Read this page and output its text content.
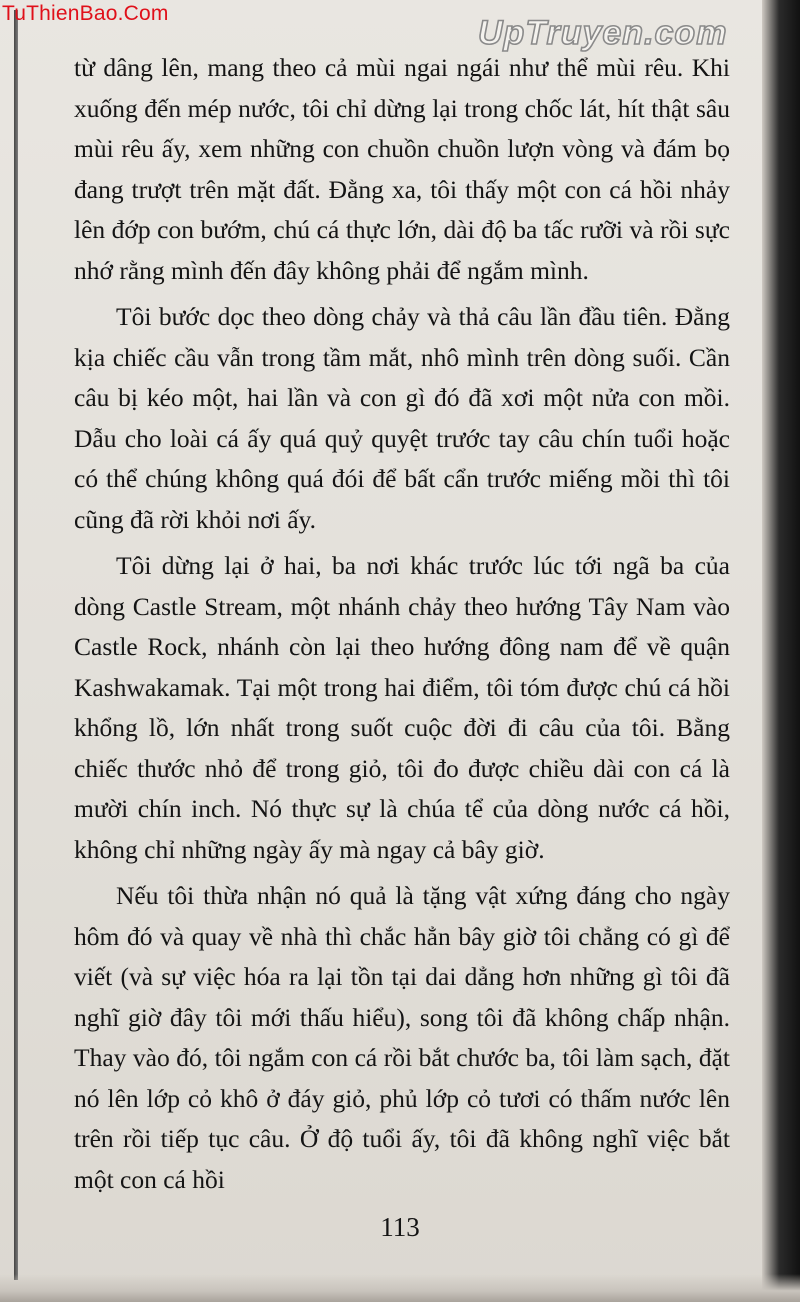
TuThienBao.Com
UpTruyen.com

từ dâng lên, mang theo cả mùi ngai ngái như thể mùi rêu. Khi xuống đến mép nước, tôi chỉ dừng lại trong chốc lát, hít thật sâu mùi rêu ấy, xem những con chuồn chuồn lượn vòng và đám bọ đang trượt trên mặt đất. Đằng xa, tôi thấy một con cá hồi nhảy lên đớp con bướm, chú cá thực lớn, dài độ ba tấc rưỡi và rồi sực nhớ rằng mình đến đây không phải để ngắm mình.

Tôi bước dọc theo dòng chảy và thả câu lần đầu tiên. Đằng kịa chiếc cầu vẫn trong tầm mắt, nhô mình trên dòng suối. Cần câu bị kéo một, hai lần và con gì đó đã xơi một nửa con mồi. Dẫu cho loài cá ấy quá quỷ quyệt trước tay câu chín tuổi hoặc có thể chúng không quá đói để bất cẩn trước miếng mồi thì tôi cũng đã rời khỏi nơi ấy.

Tôi dừng lại ở hai, ba nơi khác trước lúc tới ngã ba của dòng Castle Stream, một nhánh chảy theo hướng Tây Nam vào Castle Rock, nhánh còn lại theo hướng đông nam để về quận Kashwakamak. Tại một trong hai điểm, tôi tóm được chú cá hồi khổng lồ, lớn nhất trong suốt cuộc đời đi câu của tôi. Bằng chiếc thước nhỏ để trong giỏ, tôi đo được chiều dài con cá là mười chín inch. Nó thực sự là chúa tể của dòng nước cá hồi, không chỉ những ngày ấy mà ngay cả bây giờ.

Nếu tôi thừa nhận nó quả là tặng vật xứng đáng cho ngày hôm đó và quay về nhà thì chắc hẳn bây giờ tôi chẳng có gì để viết (và sự việc hóa ra lại tồn tại dai dẳng hơn những gì tôi đã nghĩ giờ đây tôi mới thấu hiểu), song tôi đã không chấp nhận. Thay vào đó, tôi ngắm con cá rồi bắt chước ba, tôi làm sạch, đặt nó lên lớp cỏ khô ở đáy giỏ, phủ lớp cỏ tươi có thấm nước lên trên rồi tiếp tục câu. Ở độ tuổi ấy, tôi đã không nghĩ việc bắt một con cá hồi

113
